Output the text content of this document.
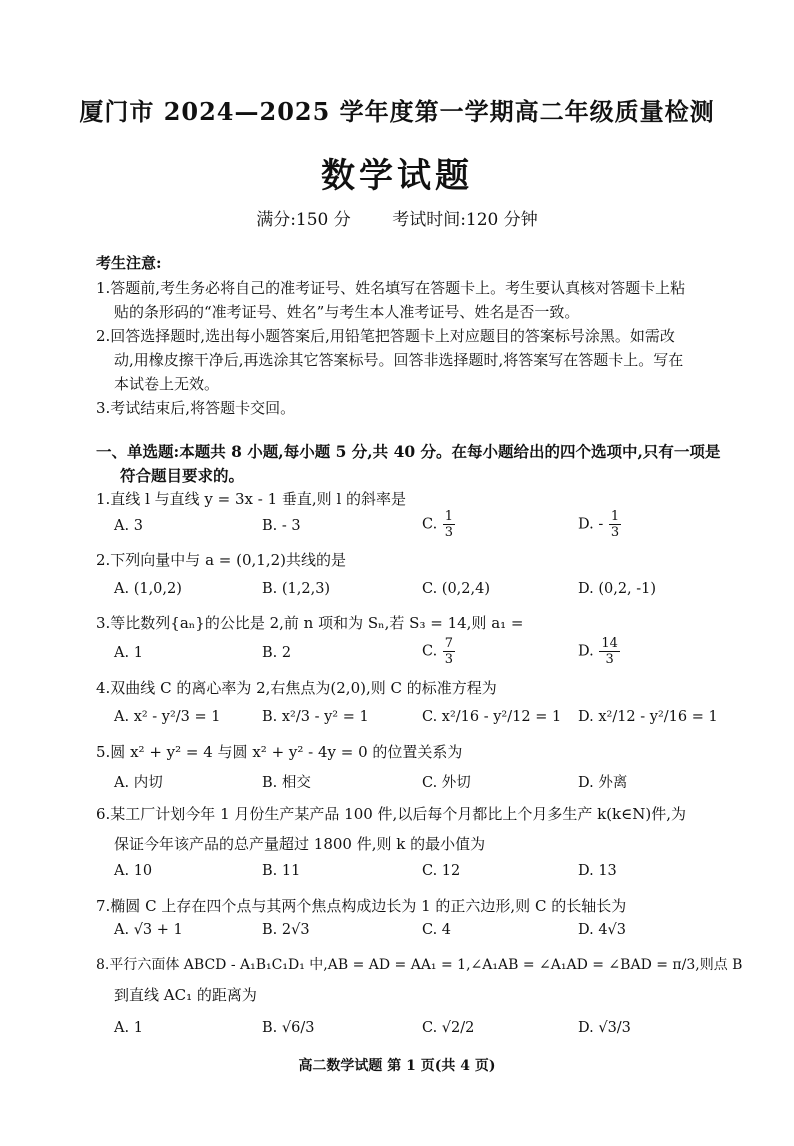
厦门市 2024—2025 学年度第一学期高二年级质量检测
数学试题
满分:150 分 考试时间:120 分钟
考生注意:
1.答题前,考生务必将自己的准考证号、姓名填写在答题卡上。考生要认真核对答题卡上粘
贴的条形码的“准考证号、姓名”与考生本人准考证号、姓名是否一致。
2.回答选择题时,选出每小题答案后,用铅笔把答题卡上对应题目的答案标号涂黑。如需改
动,用橡皮擦干净后,再选涂其它答案标号。回答非选择题时,将答案写在答题卡上。写在
本试卷上无效。
3.考试结束后,将答题卡交回。
一、单选题:本题共 8 小题,每小题 5 分,共 40 分。在每小题给出的四个选项中,只有一项是
符合题目要求的。
1.直线 l 与直线 y = 3x - 1 垂直,则 l 的斜率是
A. 3	B. - 3	C. $\frac{1}{3}$	D. - $\frac{1}{3}$
2.下列向量中与 a = (0,1,2)共线的是
A. (1,0,2)	B. (1,2,3)	C. (0,2,4)	D. (0,2, -1)
3.等比数列{aₙ}的公比是 2,前 n 项和为 Sₙ,若 S₃ = 14,则 a₁ =
A. 1	B. 2	C. $\frac{7}{3}$	D. $\frac{14}{3}$
4.双曲线 C 的离心率为 2,右焦点为(2,0),则 C 的标准方程为
A. x² - y²/3 = 1	B. x²/3 - y² = 1	C. x²/16 - y²/12 = 1 D. x²/12 - y²/16 = 1
5.圆 x² + y² = 4 与圆 x² + y² - 4y = 0 的位置关系为
A. 内切	B. 相交	C. 外切	D. 外离
6.某工厂计划今年 1 月份生产某产品 100 件,以后每个月都比上个月多生产 k(k∈N)件,为
保证今年该产品的总产量超过 1800 件,则 k 的最小值为
A. 10	B. 11	C. 12	D. 13
7.椭圆 C 上存在四个点与其两个焦点构成边长为 1 的正六边形,则 C 的长轴长为
A. √3 + 1	B. 2√3	C. 4	D. 4√3
8.平行六面体 ABCD - A₁B₁C₁D₁ 中,AB = AD = AA₁ = 1,∠A₁AB = ∠A₁AD = ∠BAD = π/3,则点 B
到直线 AC₁ 的距离为
A. 1	B. √6/3	C. √2/2	D. √3/3
高二数学试题 第 1 页(共 4 页)
